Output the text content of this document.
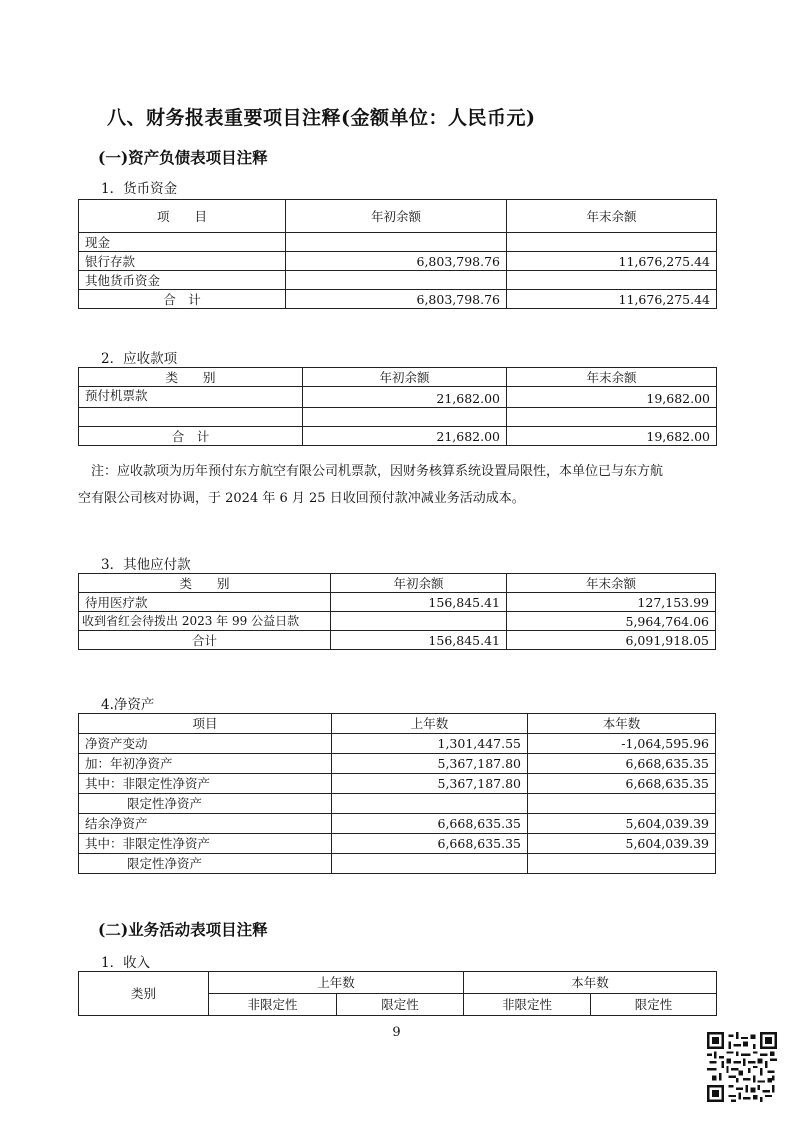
八、财务报表重要项目注释(金额单位：人民币元)
(一)资产负债表项目注释
1．货币资金
项　　目	年初余额	年末余额
现金		
银行存款	6,803,798.76	11,676,275.44
其他货币资金		
合　计	6,803,798.76	11,676,275.44
2．应收款项
类　　别	年初余额	年末余额
预付机票款	21,682.00	19,682.00

合　计	21,682.00	19,682.00

注：应收款项为历年预付东方航空有限公司机票款，因财务核算系统设置局限性，本单位已与东方航

空有限公司核对协调，于 2024 年 6 月 25 日收回预付款冲减业务活动成本。

3．其他应付款
类　　别	年初余额	年末余额
待用医疗款	156,845.41	127,153.99
收到省红会待拨出 2023 年 99 公益日款		5,964,764.06
合计	156,845.41	6,091,918.05
4.净资产
项目	上年数	本年数
净资产变动	1,301,447.55	-1,064,595.96
加：年初净资产	5,367,187.80	6,668,635.35
其中：非限定性净资产	5,367,187.80	6,668,635.35
限定性净资产		
结余净资产	6,668,635.35	5,604,039.39
其中：非限定性净资产	6,668,635.35	5,604,039.39
限定性净资产		
(二)业务活动表项目注释
1．收入
类别	上年数		本年数	
	非限定性	限定性	非限定性	限定性
9
